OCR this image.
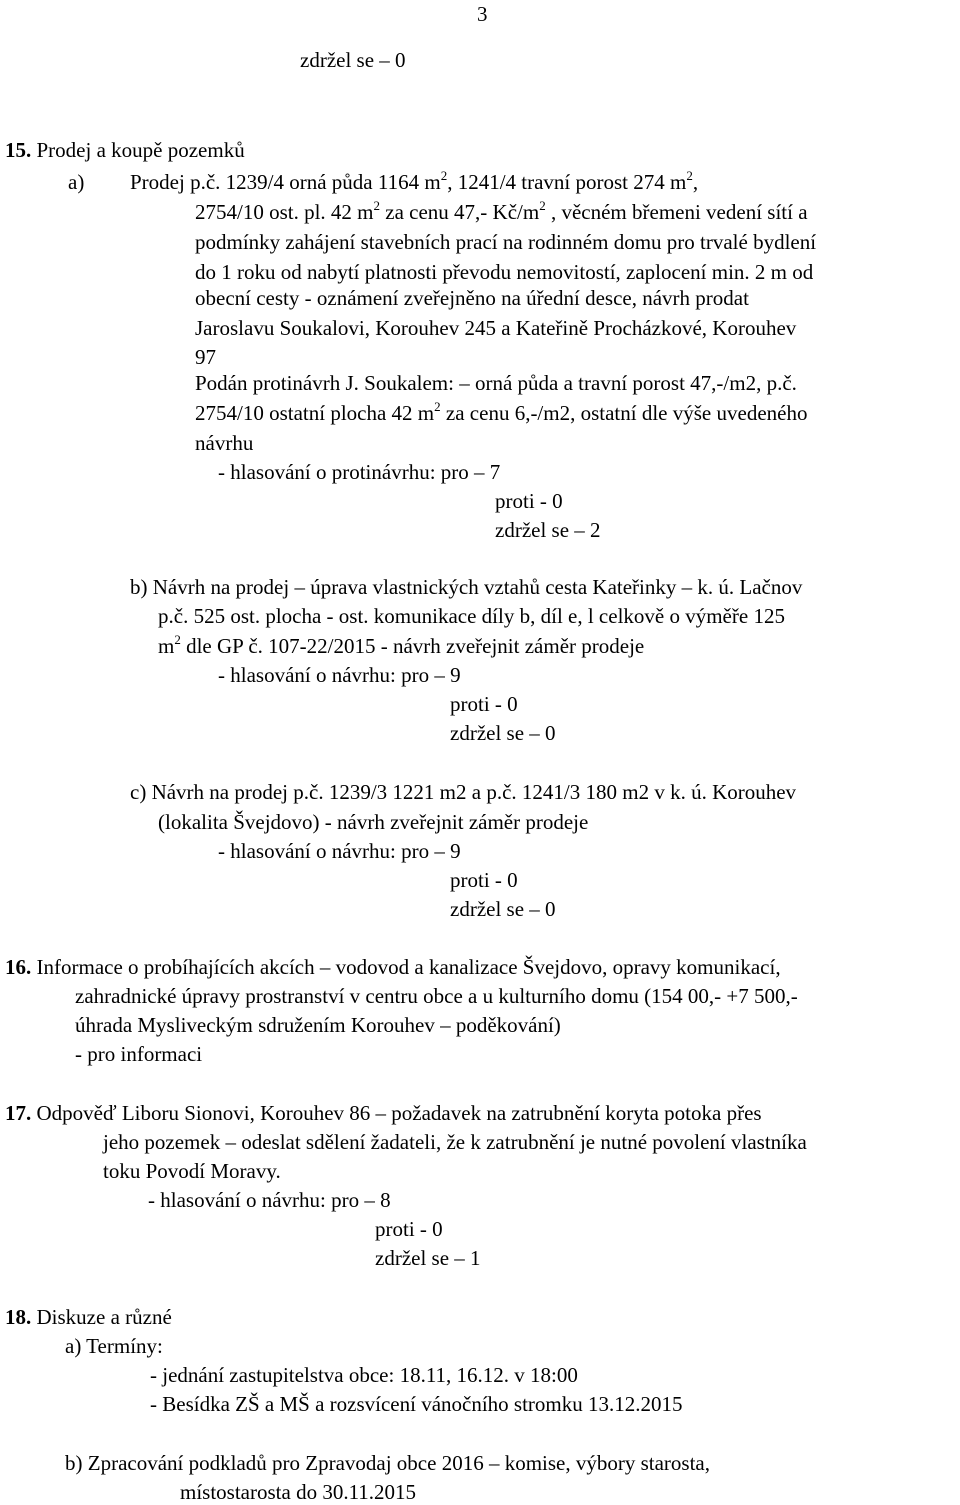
3
zdržel se – 0
15. Prodej a koupě pozemků
a) Prodej p.č. 1239/4 orná půda 1164 $m^2$, 1241/4 travní porost 274 $m^2$,
2754/10 ost. pl. 42 $m^2$ za cenu 47,- $Kč/m^2$ , věcném břemeni vedení sítí a
podmínky zahájení stavebních prací na rodinném domu pro trvalé bydlení
do 1 roku od nabytí platnosti převodu nemovitostí, zaplocení min. 2 m od
obecní cesty - oznámení zveřejněno na úřední desce, návrh prodat
Jaroslavu Soukalovi, Korouhev 245 a Kateřině Procházkové, Korouhev
97
Podán protinávrh J. Soukalem: – orná půda a travní porost 47,-/m2, p.č.
2754/10 ostatní plocha 42 $m^2$ za cenu 6,-/m2, ostatní dle výše uvedeného
návrhu
- hlasování o protinávrhu: pro – 7
proti - 0
zdržel se – 2
b) Návrh na prodej – úprava vlastnických vztahů cesta Kateřinky – k. ú. Lačnov
p.č. 525 ost. plocha - ost. komunikace díly b, díl e, l celkově o výměře 125
$m^2$ dle GP č. 107-22/2015 - návrh zveřejnit záměr prodeje
- hlasování o návrhu: pro – 9
proti - 0
zdržel se – 0
c) Návrh na prodej p.č. 1239/3 1221 m2 a p.č. 1241/3 180 m2 v k. ú. Korouhev
(lokalita Švejdovo) - návrh zveřejnit záměr prodeje
- hlasování o návrhu: pro – 9
proti - 0
zdržel se – 0
16. Informace o probíhajících akcích – vodovod a kanalizace Švejdovo, opravy komunikací,
zahradnické úpravy prostranství v centru obce a u kulturního domu (154 00,- +7 500,-
úhrada Mysliveckým sdružením Korouhev – poděkování)
- pro informaci
17. Odpověď Liboru Sionovi, Korouhev 86 – požadavek na zatrubnění koryta potoka přes
jeho pozemek – odeslat sdělení žadateli, že k zatrubnění je nutné povolení vlastníka
toku Povodí Moravy.
- hlasování o návrhu: pro – 8
proti - 0
zdržel se – 1
18. Diskuze a různé
a) Termíny:
- jednání zastupitelstva obce: 18.11, 16.12. v 18:00
- Besídka ZŠ a MŠ a rozsvícení vánočního stromku 13.12.2015
b) Zpracování podkladů pro Zpravodaj obce 2016 – komise, výbory starosta,
místostarosta do 30.11.2015
